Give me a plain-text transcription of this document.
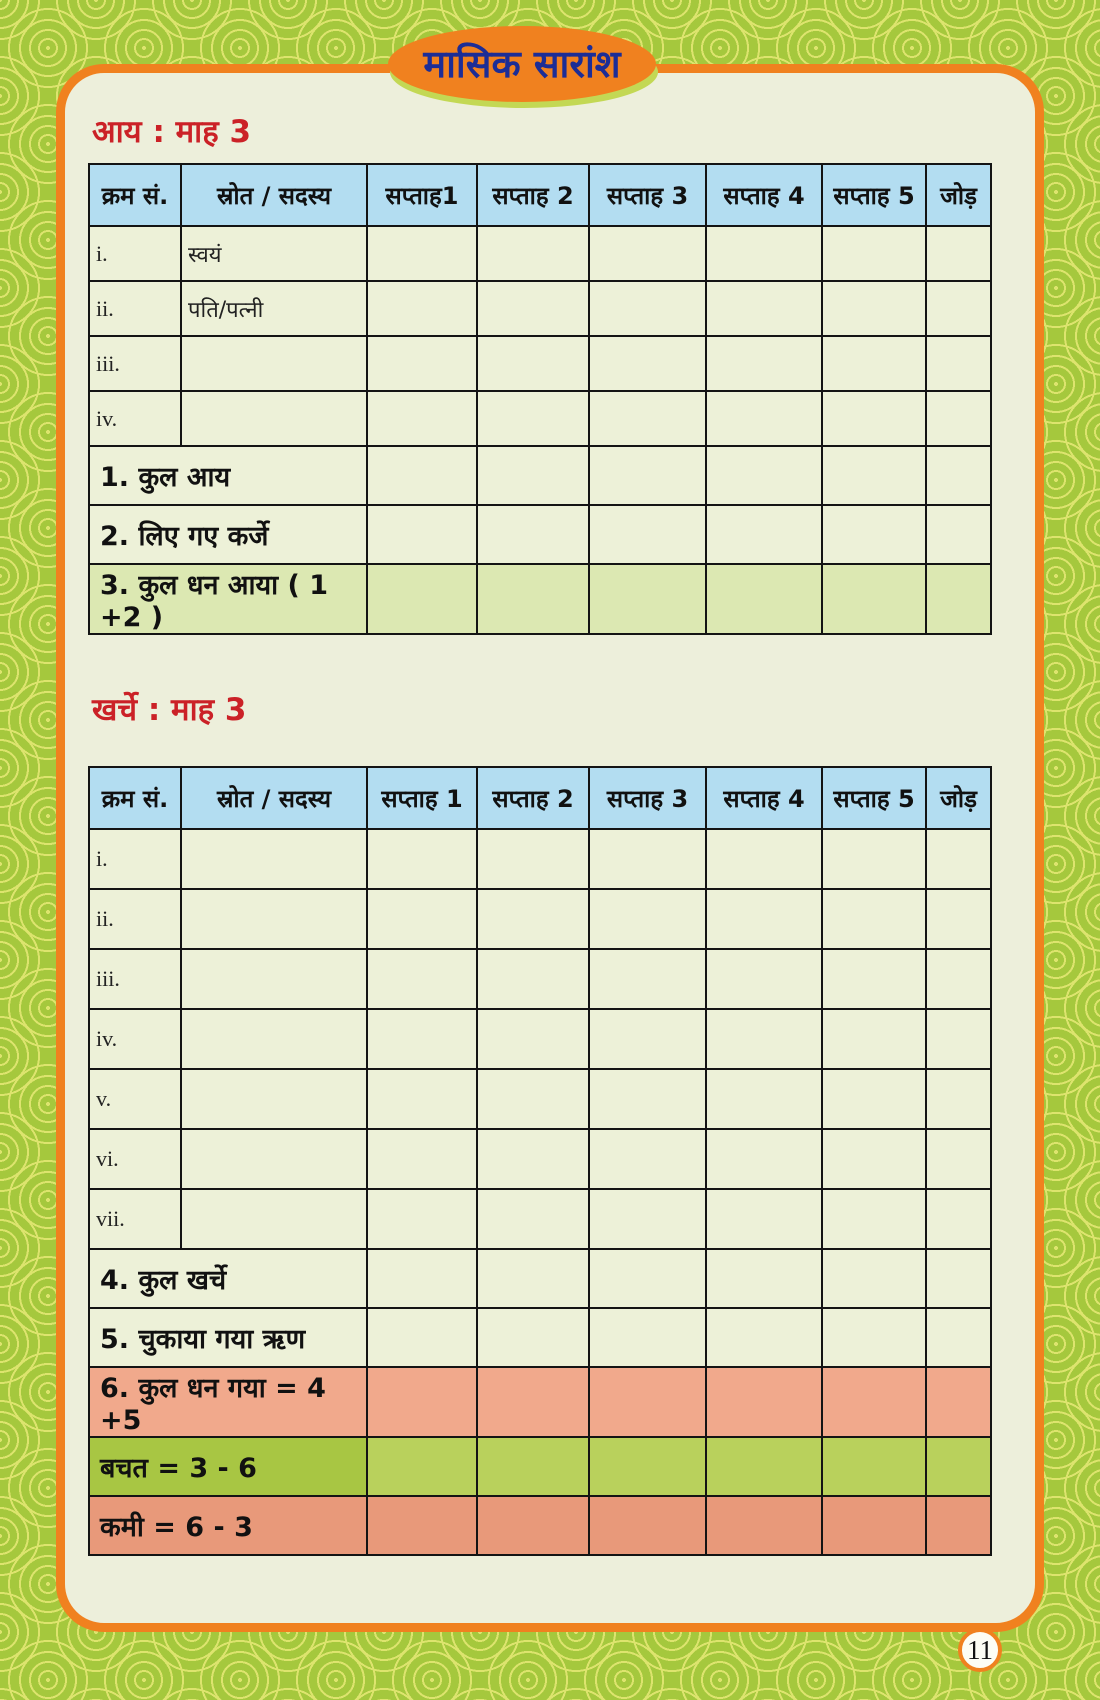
मासिक सारांश
आय : माह 3
क्रम सं.	स्रोत / सदस्य	सप्ताह1	सप्ताह 2	सप्ताह 3	सप्ताह 4	सप्ताह 5	जोड़
i.	स्वयं						
ii.	पति/पत्नी						
iii.							
iv.							
1. कुल आय							
2. लिए गए कर्जे							
3. कुल धन आया ( 1 +2 )							
खर्चे : माह 3
क्रम सं.	स्रोत / सदस्य	सप्ताह 1	सप्ताह 2	सप्ताह 3	सप्ताह 4	सप्ताह 5	जोड़
i.							
ii.							
iii.							
iv.							
v.							
vi.							
vii.							
4. कुल खर्चे							
5. चुकाया गया ऋण							
6. कुल धन गया = 4 +5							
बचत = 3 - 6							
कमी = 6 - 3							
11
